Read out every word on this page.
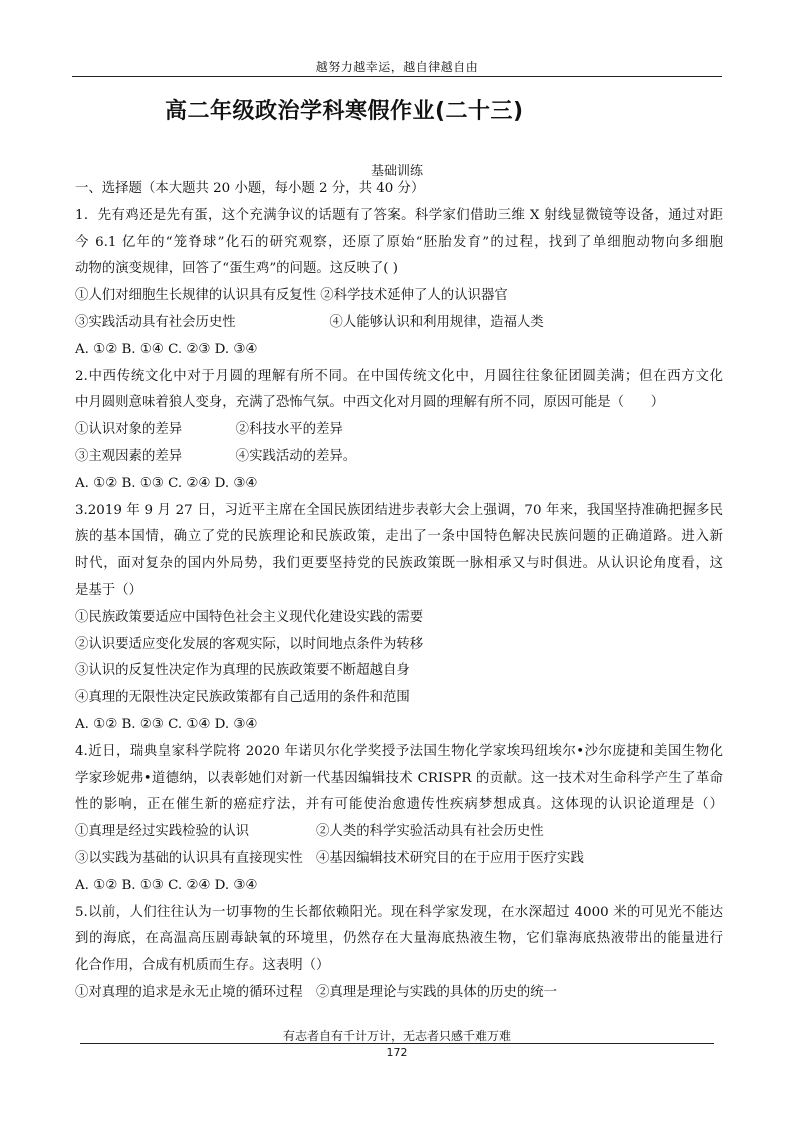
越努力越幸运，越自律越自由
高二年级政治学科寒假作业(二十三)
基础训练
一、选择题（本大题共 20 小题，每小题 2 分，共 40 分）
1．先有鸡还是先有蛋，这个充满争议的话题有了答案。科学家们借助三维 X 射线显微镜等设备，通过对距
今 6.1 亿年的“笼脊球”化石的研究观察，还原了原始“胚胎发育”的过程，找到了单细胞动物向多细胞
动物的演变规律，回答了“蛋生鸡”的问题。这反映了( )
①人们对细胞生长规律的认识具有反复性 ②科学技术延伸了人的认识器官
③实践活动具有社会历史性　　　　　　　④人能够认识和利用规律，造福人类
A. ①② B. ①④ C. ②③ D. ③④
2.中西传统文化中对于月圆的理解有所不同。在中国传统文化中，月圆往往象征团圆美满；但在西方文化
中月圆则意味着狼人变身，充满了恐怖气氛。中西文化对月圆的理解有所不同，原因可能是（　　）
①认识对象的差异　　　　②科技水平的差异
③主观因素的差异　　　　④实践活动的差异。
A. ①② B. ①③ C. ②④ D. ③④
3.2019 年 9 月 27 日，习近平主席在全国民族团结进步表彰大会上强调，70 年来，我国坚持准确把握多民
族的基本国情，确立了党的民族理论和民族政策，走出了一条中国特色解决民族问题的正确道路。进入新
时代，面对复杂的国内外局势，我们更要坚持党的民族政策既一脉相承又与时俱进。从认识论角度看，这
是基于（）
①民族政策要适应中国特色社会主义现代化建设实践的需要
②认识要适应变化发展的客观实际，以时间地点条件为转移
③认识的反复性决定作为真理的民族政策要不断超越自身
④真理的无限性决定民族政策都有自己适用的条件和范围
A. ①② B. ②③ C. ①④ D. ③④
4.近日，瑞典皇家科学院将 2020 年诺贝尔化学奖授予法国生物化学家埃玛纽埃尔•沙尔庞捷和美国生物化
学家珍妮弗•道德纳，以表彰她们对新一代基因编辑技术 CRISPR 的贡献。这一技术对生命科学产生了革命
性的影响，正在催生新的癌症疗法，并有可能使治愈遗传性疾病梦想成真。这体现的认识论道理是（）
①真理是经过实践检验的认识　　　　　②人类的科学实验活动具有社会历史性
③以实践为基础的认识具有直接现实性　④基因编辑技术研究目的在于应用于医疗实践
A. ①② B. ①③ C. ②④ D. ③④
5.以前，人们往往认为一切事物的生长都依赖阳光。现在科学家发现，在水深超过 4000 米的可见光不能达
到的海底，在高温高压剧毒缺氧的环境里，仍然存在大量海底热液生物，它们靠海底热液带出的能量进行
化合作用，合成有机质而生存。这表明（）
①对真理的追求是永无止境的循环过程　②真理是理论与实践的具体的历史的统一
有志者自有千计万计，无志者只感千难万难
172
